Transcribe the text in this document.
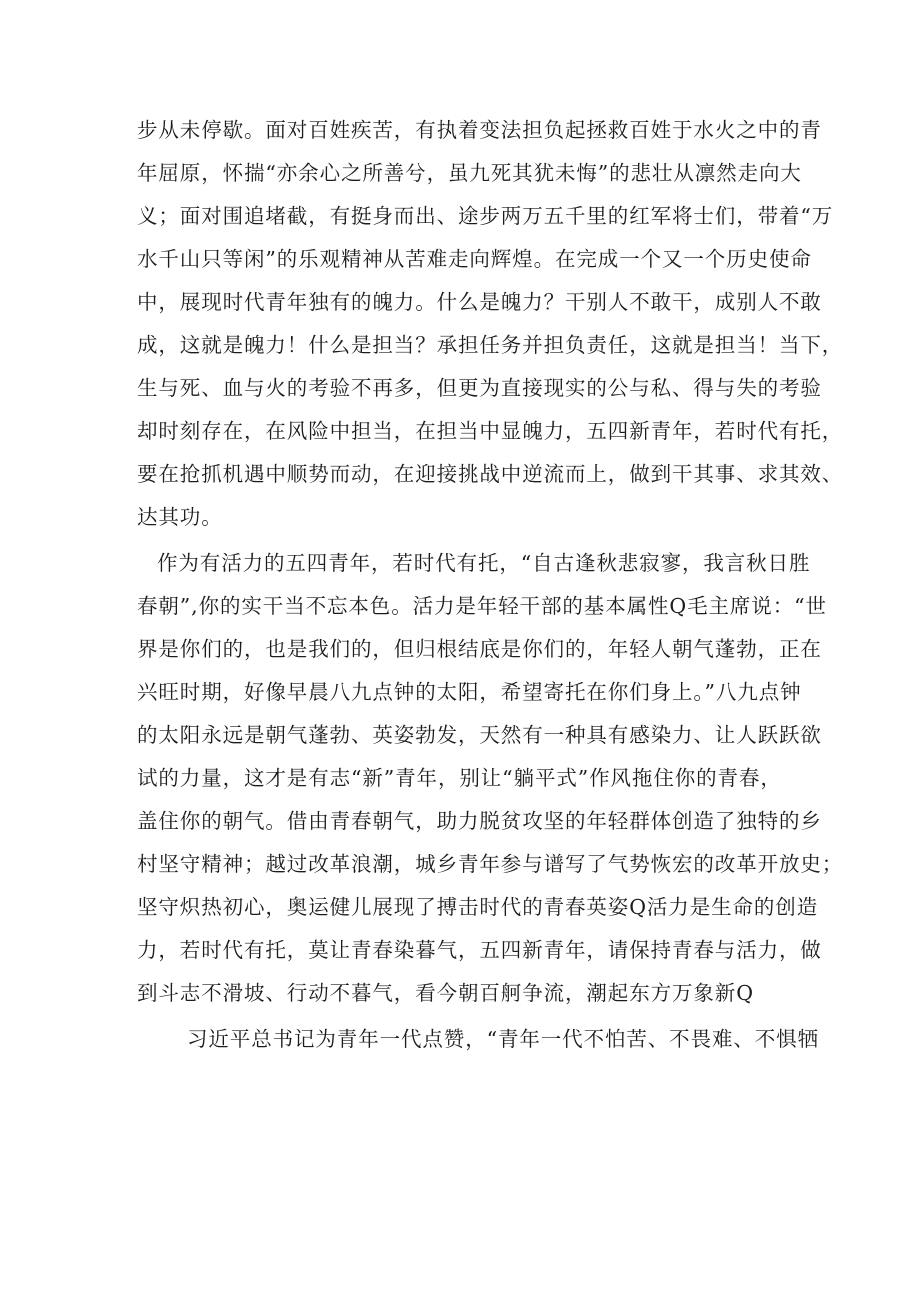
步从未停歇。面对百姓疾苦，有执着变法担负起拯救百姓于水火之中的青
年屈原，怀揣“亦余心之所善兮，虽九死其犹未悔”的悲壮从凛然走向大
义；面对围追堵截，有挺身而出、途步两万五千里的红军将士们，带着“万
水千山只等闲”的乐观精神从苦难走向辉煌。在完成一个又一个历史使命
中，展现时代青年独有的魄力。什么是魄力？干别人不敢干，成别人不敢
成，这就是魄力！什么是担当？承担任务并担负责任，这就是担当！当下，
生与死、血与火的考验不再多，但更为直接现实的公与私、得与失的考验
却时刻存在，在风险中担当，在担当中显魄力，五四新青年，若时代有托，
要在抢抓机遇中顺势而动，在迎接挑战中逆流而上，做到干其事、求其效、
达其功。
作为有活力的五四青年，若时代有托，“自古逢秋悲寂寥，我言秋日胜
春朝”,你的实干当不忘本色。活力是年轻干部的基本属性Q毛主席说：“世
界是你们的，也是我们的，但归根结底是你们的，年轻人朝气蓬勃，正在
兴旺时期，好像早晨八九点钟的太阳，希望寄托在你们身上。”八九点钟
的太阳永远是朝气蓬勃、英姿勃发，天然有一种具有感染力、让人跃跃欲
试的力量，这才是有志“新”青年，别让“躺平式”作风拖住你的青春，
盖住你的朝气。借由青春朝气，助力脱贫攻坚的年轻群体创造了独特的乡
村坚守精神；越过改革浪潮，城乡青年参与谱写了气势恢宏的改革开放史；
坚守炽热初心，奥运健儿展现了搏击时代的青春英姿Q活力是生命的创造
力，若时代有托，莫让青春染暮气，五四新青年，请保持青春与活力，做
到斗志不滑坡、行动不暮气，看今朝百舸争流，潮起东方万象新Q
习近平总书记为青年一代点赞，“青年一代不怕苦、不畏难、不惧牺
